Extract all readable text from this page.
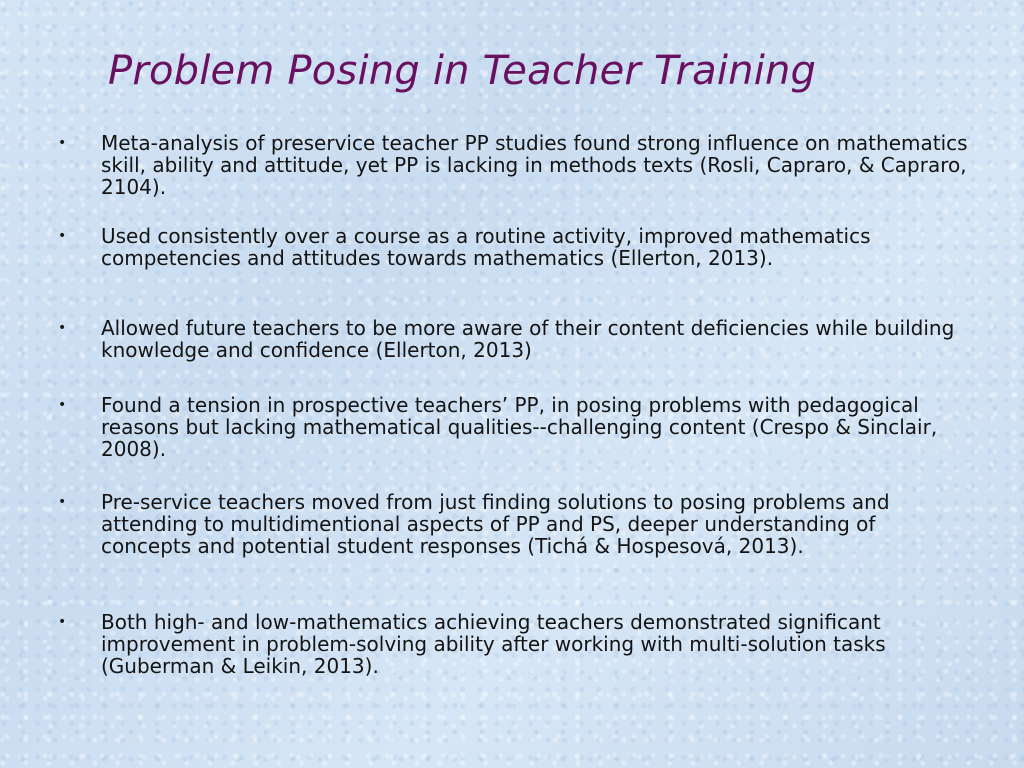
Problem Posing in Teacher Training
• Meta-analysis of preservice teacher PP studies found strong influence on mathematics skill, ability and attitude, yet PP is lacking in methods texts (Rosli, Capraro, & Capraro, 2104).
• Used consistently over a course as a routine activity, improved mathematics competencies and attitudes towards mathematics (Ellerton, 2013).
• Allowed future teachers to be more aware of their content deficiencies while building knowledge and confidence (Ellerton, 2013)
• Found a tension in prospective teachers’ PP, in posing problems with pedagogical reasons but lacking mathematical qualities--challenging content (Crespo & Sinclair, 2008).
• Pre-service teachers moved from just finding solutions to posing problems and attending to multidimentional aspects of PP and PS, deeper understanding of concepts and potential student responses (Tichá & Hospesová, 2013).
• Both high- and low-mathematics achieving teachers demonstrated significant improvement in problem-solving ability after working with multi-solution tasks (Guberman & Leikin, 2013).
